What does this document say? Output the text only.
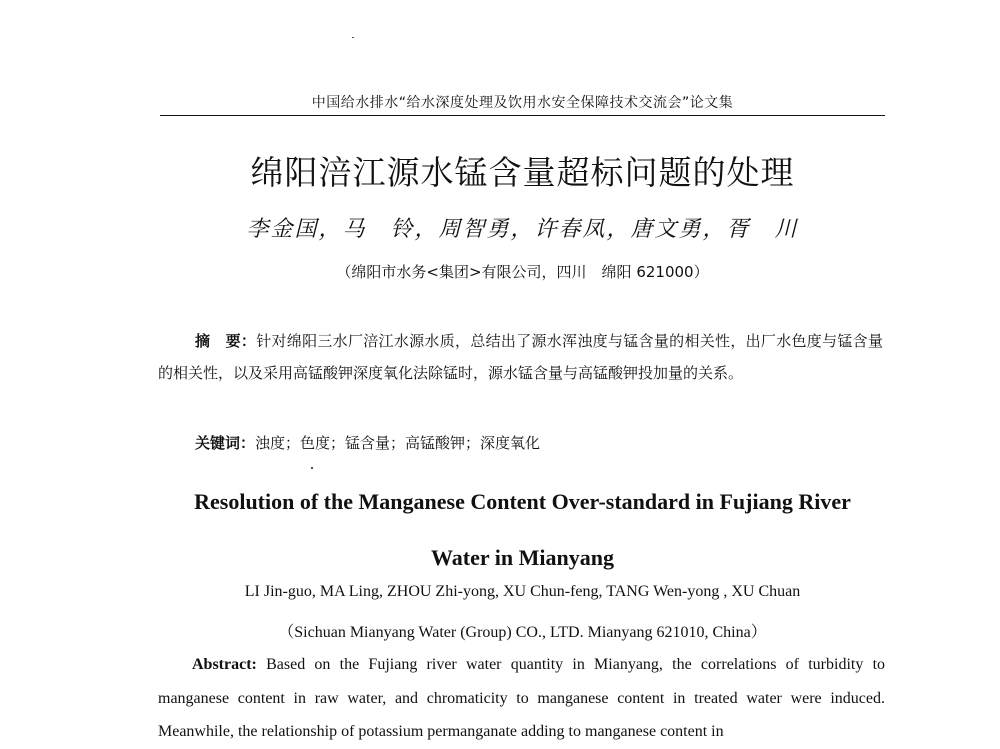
中国给水排水“给水深度处理及饮用水安全保障技术交流会”论文集
绵阳涪江源水锰含量超标问题的处理
李金国，马　铃，周智勇，许春凤，唐文勇，胥　川
（绵阳市水务<集团>有限公司，四川　绵阳 621000）
摘　要：针对绵阳三水厂涪江水源水质，总结出了源水浑浊度与锰含量的相关性，出厂水色度与锰含量的相关性，以及采用高锰酸钾深度氧化法除锰时，源水锰含量与高锰酸钾投加量的关系。
关键词：浊度；色度；锰含量；高锰酸钾；深度氧化
Resolution of the Manganese Content Over-standard in Fujiang River
Water in Mianyang
LI Jin-guo, MA Ling, ZHOU Zhi-yong, XU Chun-feng, TANG Wen-yong , XU Chuan
（Sichuan Mianyang Water (Group) CO., LTD. Mianyang 621010, China）
Abstract: Based on the Fujiang river water quantity in Mianyang, the correlations of turbidity to manganese content in raw water, and chromaticity to manganese content in treated water were induced. Meanwhile, the relationship of potassium permanganate adding to manganese content in
